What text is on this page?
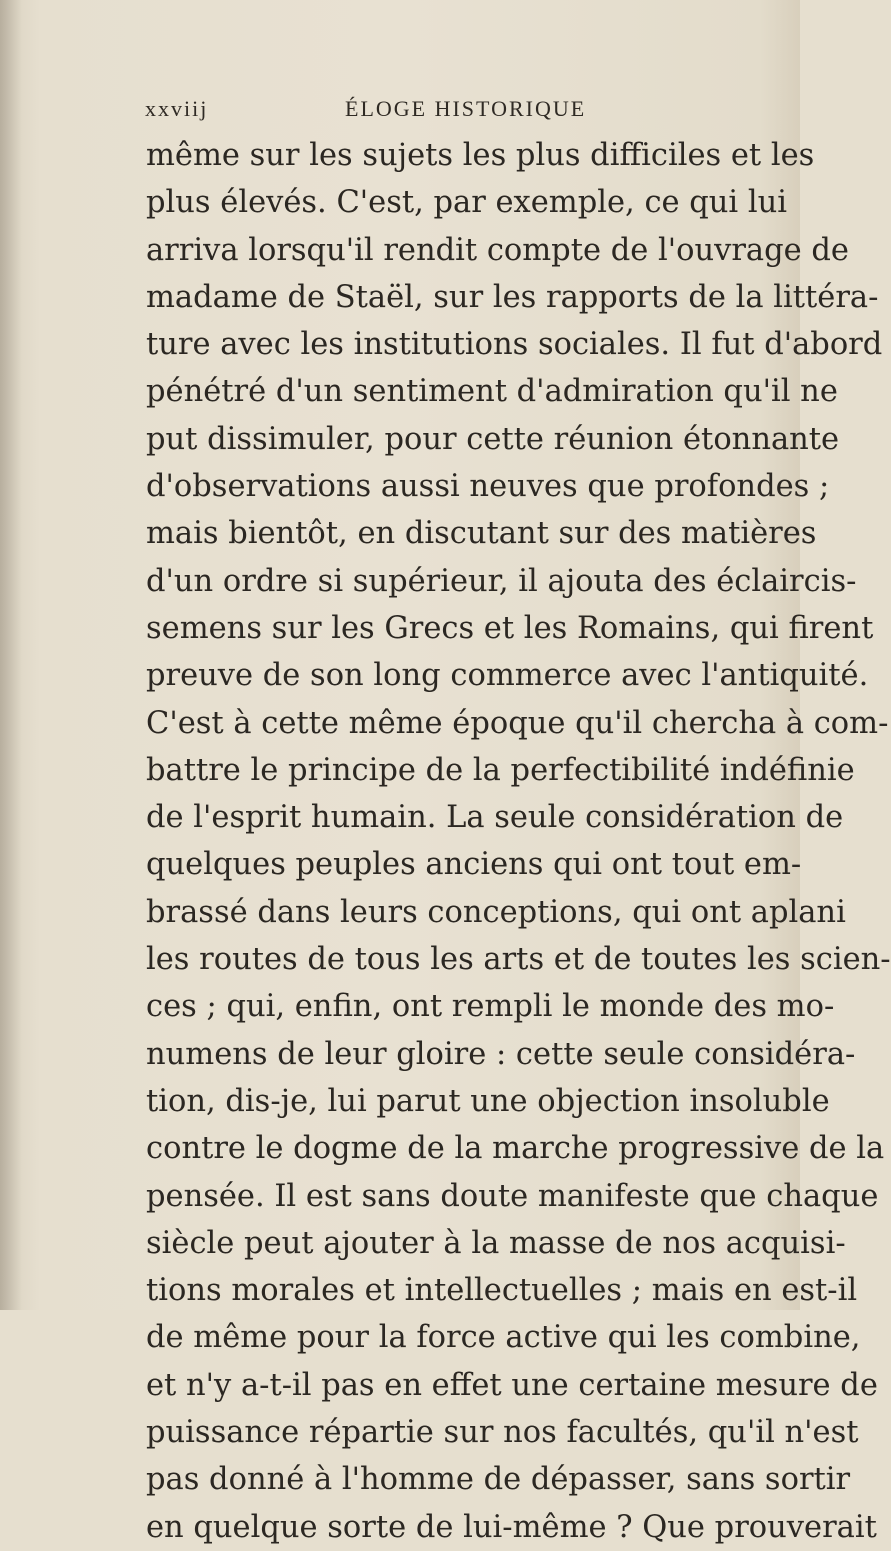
xxviij	ÉLOGE HISTORIQUE
même sur les sujets les plus difficiles et les
plus élevés. C'est, par exemple, ce qui lui
arriva lorsqu'il rendit compte de l'ouvrage de
madame de Staël, sur les rapports de la littéra-
ture avec les institutions sociales. Il fut d'abord
pénétré d'un sentiment d'admiration qu'il ne
put dissimuler, pour cette réunion étonnante
d'observations aussi neuves que profondes ;
mais bientôt, en discutant sur des matières
d'un ordre si supérieur, il ajouta des éclaircis-
semens sur les Grecs et les Romains, qui firent
preuve de son long commerce avec l'antiquité.
C'est à cette même époque qu'il chercha à com-
battre le principe de la perfectibilité indéfinie
de l'esprit humain. La seule considération de
quelques peuples anciens qui ont tout em-
brassé dans leurs conceptions, qui ont aplani
les routes de tous les arts et de toutes les scien-
ces ; qui, enfin, ont rempli le monde des mo-
numens de leur gloire : cette seule considéra-
tion, dis-je, lui parut une objection insoluble
contre le dogme de la marche progressive de la
pensée. Il est sans doute manifeste que chaque
siècle peut ajouter à la masse de nos acquisi-
tions morales et intellectuelles ; mais en est-il
de même pour la force active qui les combine,
et n'y a-t-il pas en effet une certaine mesure de
puissance répartie sur nos facultés, qu'il n'est
pas donné à l'homme de dépasser, sans sortir
en quelque sorte de lui-même ? Que prouverait
